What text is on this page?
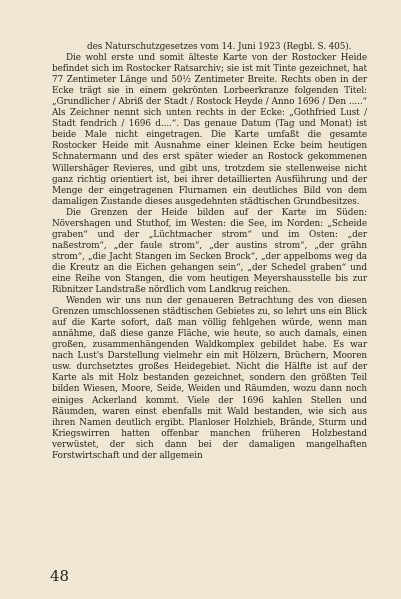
des Naturschutzgesetzes vom 14. Juni 1923 (Regbl. S. 405).

Die wohl erste und somit älteste Karte von der Rostocker Heide befindet sich im Rostocker Ratsarchiv; sie ist mit Tinte gezeichnet, hat 77 Zentimeter Länge und 50½ Zentimeter Breite. Rechts oben in der Ecke trägt sie in einem gekrönten Lorbeerkranze folgenden Titel: „Grundlicher / Abriß der Stadt / Rostock Heyde / Anno 1696 / Den .....“ Als Zeichner nennt sich unten rechts in der Ecke: „Gothfried Lust / Stadt fendrich / 1696 d....“. Das genaue Datum (Tag und Monat) ist beide Male nicht eingetragen. Die Karte umfaßt die gesamte Rostocker Heide mit Ausnahme einer kleinen Ecke beim heutigen Schnatermann und des erst später wieder an Rostock gekommenen Willershäger Revieres, und gibt uns, trotzdem sie stellenweise nicht ganz richtig orientiert ist, bei ihrer detaillierten Ausführung und der Menge der eingetragenen Flurnamen ein deutliches Bild von dem damaligen Zustande dieses ausgedehnten städtischen Grundbesitzes.

Die Grenzen der Heide bilden auf der Karte im Süden: Növershagen und Stuthof, im Westen: die See, im Norden: „Scheide graben“ und der „Lüchtmacher strom“ und im Osten: „der naßestrom“, „der faule strom“, „der austins strom“, „der grähn strom“, „die Jacht Stangen im Secken Brock“, „der appelboms weg da die Kreutz an die Eichen gehangen sein“, „der Schedel graben“ und eine Reihe von Stangen, die vom heutigen Meyershausstelle bis zur Ribnitzer Landstraße nördlich vom Landkrug reichen.

Wenden wir uns nun der genaueren Betrachtung des von diesen Grenzen umschlossenen städtischen Gebietes zu, so lehrt uns ein Blick auf die Karte sofort, daß man völlig fehlgehen würde, wenn man annähme, daß diese ganze Fläche, wie heute, so auch damals, einen großen, zusammenhängenden Waldkomplex gebildet habe. Es war nach Lust's Darstellung vielmehr ein mit Hölzern, Brüchern, Mooren usw. durchsetztes großes Heidegebiet. Nicht die Hälfte ist auf der Karte als mit Holz bestanden gezeichnet, sondern den größten Teil bilden Wiesen, Moore, Seide, Weiden und Räumden, wozu dann noch einiges Ackerland kommt. Viele der 1696 kahlen Stellen und Räumden, waren einst ebenfalls mit Wald bestanden, wie sich aus ihren Namen deutlich ergibt. Planloser Holzhieb, Brände, Sturm und Kriegswirren hatten offenbar manchen früheren Holzbestand verwüstet, der sich dann bei der damaligen mangelhaften Forstwirtschaft und der allgemein

48
